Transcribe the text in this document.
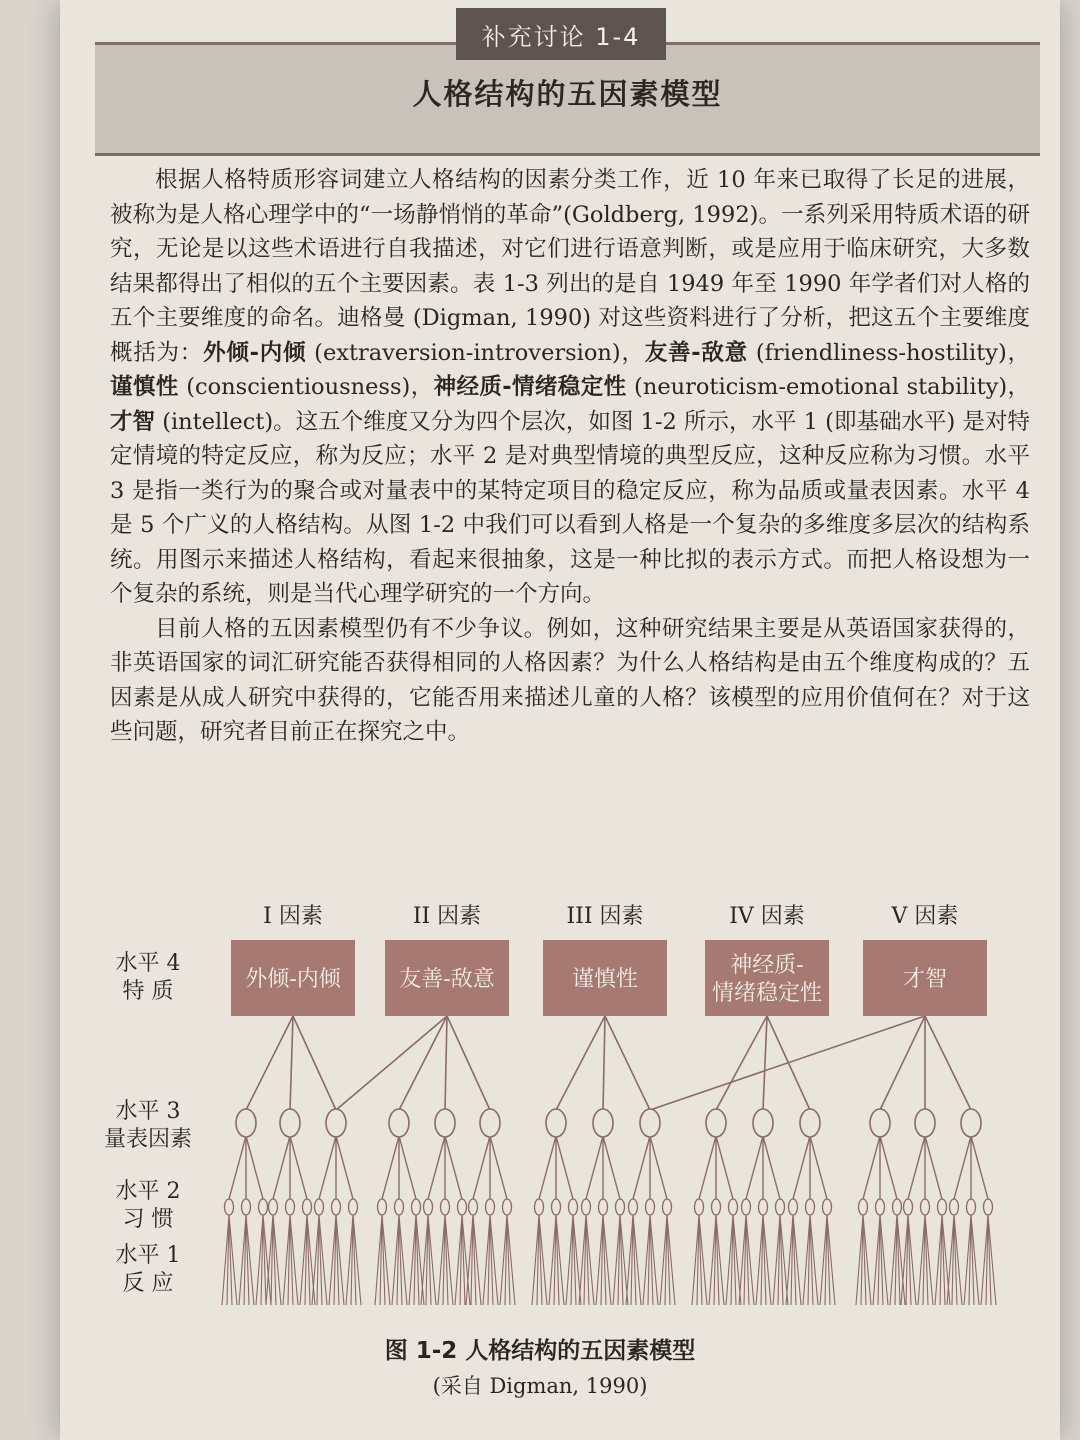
补充讨论 1-4
人格结构的五因素模型

根据人格特质形容词建立人格结构的因素分类工作，近 10 年来已取得了长足的进展，被称为是人格心理学中的“一场静悄悄的革命”(Goldberg, 1992)。一系列采用特质术语的研究，无论是以这些术语进行自我描述，对它们进行语意判断，或是应用于临床研究，大多数结果都得出了相似的五个主要因素。表 1-3 列出的是自 1949 年至 1990 年学者们对人格的五个主要维度的命名。迪格曼 (Digman, 1990) 对这些资料进行了分析，把这五个主要维度概括为：外倾-内倾 (extraversion-introversion)，友善-敌意 (friendliness-hostility)，谨慎性 (conscientiousness)，神经质-情绪稳定性 (neuroticism-emotional stability)，才智 (intellect)。这五个维度又分为四个层次，如图 1-2 所示，水平 1 (即基础水平) 是对特定情境的特定反应，称为反应；水平 2 是对典型情境的典型反应，这种反应称为习惯。水平 3 是指一类行为的聚合或对量表中的某特定项目的稳定反应，称为品质或量表因素。水平 4 是 5 个广义的人格结构。从图 1-2 中我们可以看到人格是一个复杂的多维度多层次的结构系统。用图示来描述人格结构，看起来很抽象，这是一种比拟的表示方式。而把人格设想为一个复杂的系统，则是当代心理学研究的一个方向。

目前人格的五因素模型仍有不少争议。例如，这种研究结果主要是从英语国家获得的，非英语国家的词汇研究能否获得相同的人格因素？为什么人格结构是由五个维度构成的？五因素是从成人研究中获得的，它能否用来描述儿童的人格？该模型的应用价值何在？对于这些问题，研究者目前正在探究之中。

外倾-内倾
I 因素
友善-敌意
II 因素
谨慎性
III 因素
神经质-
情绪稳定性
IV 因素
才智
V 因素
水平 4
特 质
水平 3
量表因素
水平 2
习 惯
水平 1
反 应
图 1-2 人格结构的五因素模型
(采自 Digman, 1990)
